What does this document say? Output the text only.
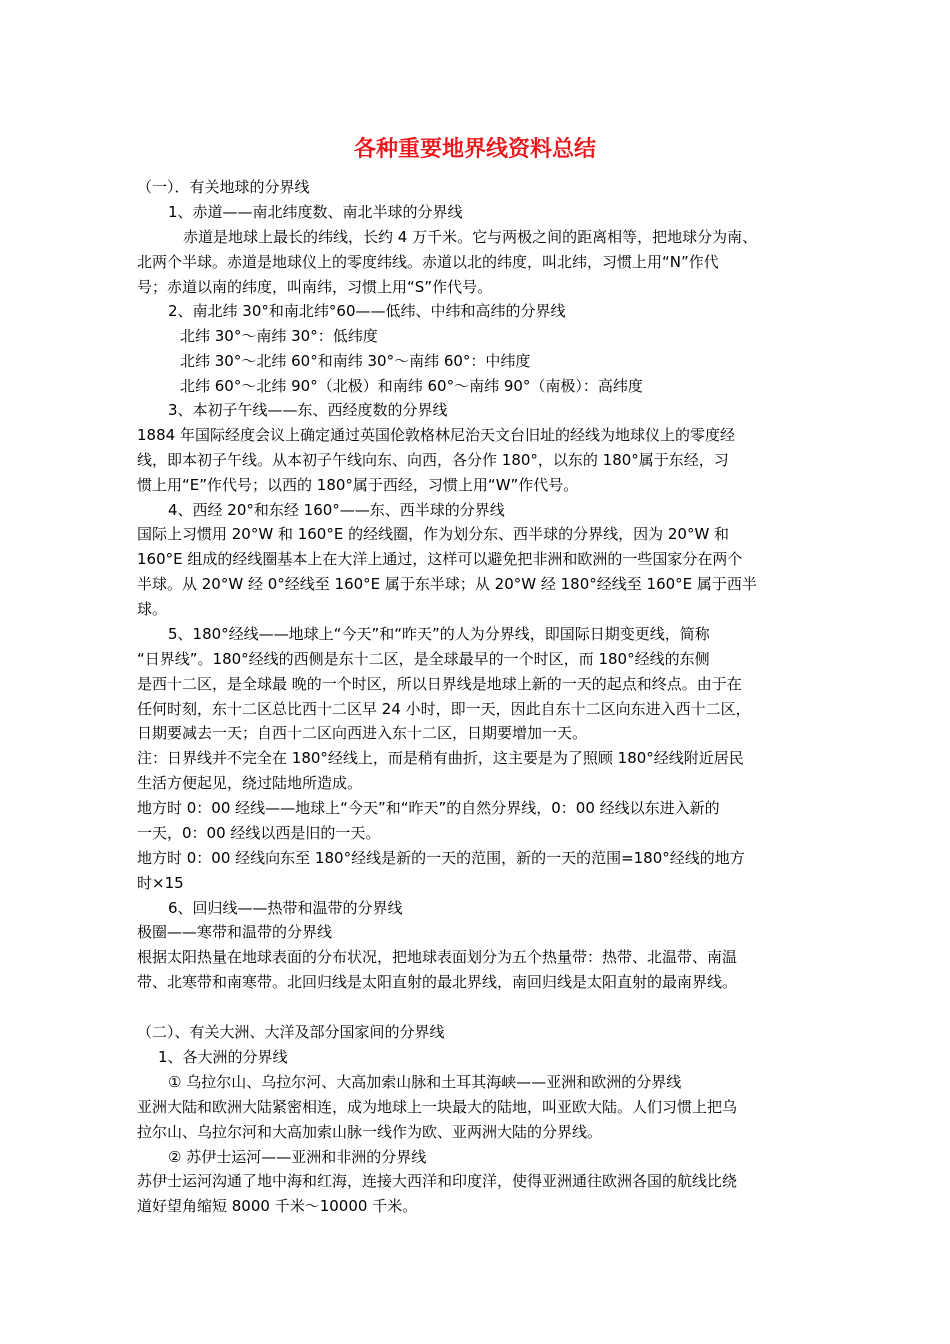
各种重要地界线资料总结
（一）．有关地球的分界线
1、赤道——南北纬度数、南北半球的分界线
赤道是地球上最长的纬线，长约 4 万千米。它与两极之间的距离相等，把地球分为南、
北两个半球。赤道是地球仪上的零度纬线。赤道以北的纬度，叫北纬，习惯上用“N”作代
号；赤道以南的纬度，叫南纬，习惯上用“S”作代号。
2、南北纬 30°和南北纬°60——低纬、中纬和高纬的分界线
北纬 30°～南纬 30°：低纬度
北纬 30°～北纬 60°和南纬 30°～南纬 60°：中纬度
北纬 60°～北纬 90°（北极）和南纬 60°～南纬 90°（南极）：高纬度
3、本初子午线——东、西经度数的分界线
1884 年国际经度会议上确定通过英国伦敦格林尼治天文台旧址的经线为地球仪上的零度经
线，即本初子午线。从本初子午线向东、向西，各分作 180°，以东的 180°属于东经，习
惯上用“E”作代号；以西的 180°属于西经，习惯上用“W”作代号。
4、西经 20°和东经 160°——东、西半球的分界线
国际上习惯用 20°W 和 160°E 的经线圈，作为划分东、西半球的分界线，因为 20°W 和
160°E 组成的经线圈基本上在大洋上通过，这样可以避免把非洲和欧洲的一些国家分在两个
半球。从 20°W 经 0°经线至 160°E 属于东半球；从 20°W 经 180°经线至 160°E 属于西半
球。
5、180°经线——地球上“今天”和“昨天”的人为分界线，即国际日期变更线，简称
“日界线”。180°经线的西侧是东十二区，是全球最早的一个时区，而 180°经线的东侧
是西十二区，是全球最 晚的一个时区，所以日界线是地球上新的一天的起点和终点。由于在
任何时刻，东十二区总比西十二区早 24 小时，即一天，因此自东十二区向东进入西十二区，
日期要减去一天；自西十二区向西进入东十二区，日期要增加一天。
注：日界线并不完全在 180°经线上，而是稍有曲折，这主要是为了照顾 180°经线附近居民
生活方便起见，绕过陆地所造成。
地方时 0：00 经线——地球上“今天”和“昨天”的自然分界线，0：00 经线以东进入新的
一天，0：00 经线以西是旧的一天。
地方时 0：00 经线向东至 180°经线是新的一天的范围，新的一天的范围=180°经线的地方
时×15
6、回归线——热带和温带的分界线
极圈——寒带和温带的分界线
根据太阳热量在地球表面的分布状况，把地球表面划分为五个热量带：热带、北温带、南温
带、北寒带和南寒带。北回归线是太阳直射的最北界线，南回归线是太阳直射的最南界线。
（二）、有关大洲、大洋及部分国家间的分界线
1、各大洲的分界线
① 乌拉尔山、乌拉尔河、大高加索山脉和土耳其海峡——亚洲和欧洲的分界线
亚洲大陆和欧洲大陆紧密相连，成为地球上一块最大的陆地，叫亚欧大陆。人们习惯上把乌
拉尔山、乌拉尔河和大高加索山脉一线作为欧、亚两洲大陆的分界线。
② 苏伊士运河——亚洲和非洲的分界线
苏伊士运河沟通了地中海和红海，连接大西洋和印度洋，使得亚洲通往欧洲各国的航线比绕
道好望角缩短 8000 千米～10000 千米。
